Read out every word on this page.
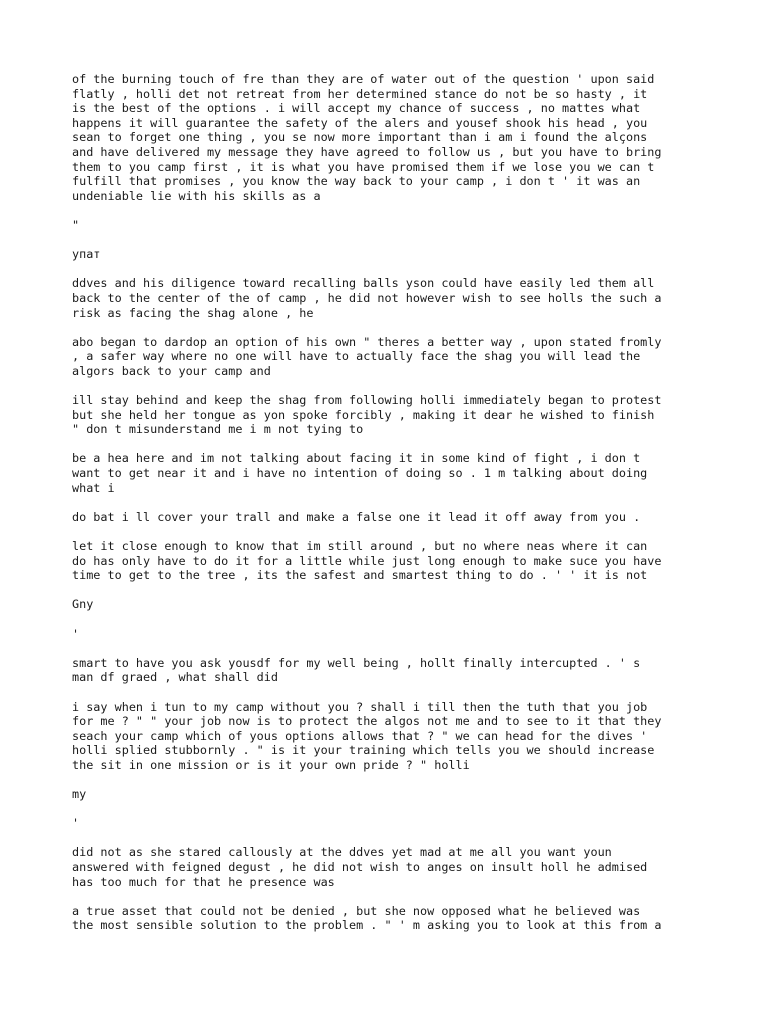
of the burning touch of fre than they are of water out of the question ' upon said
flatly , holli det not retreat from her determined stance do not be so hasty , it
is the best of the options . i will accept my chance of success , no mattes what
happens it will guarantee the safety of the alers and yousef shook his head , you
sean to forget one thing , you se now more important than i am i found the alçons
and have delivered my message they have agreed to follow us , but you have to bring
them to you camp first , it is what you have promised them if we lose you we can t
fulfill that promises , you know the way back to your camp , i don t ' it was an
undeniable lie with his skills as a

"

упат

ddves and his diligence toward recalling balls yson could have easily led them all
back to the center of the of camp , he did not however wish to see holls the such a
risk as facing the shag alone , he

abo began to dardop an option of his own " theres a better way , upon stated fromly
, a safer way where no one will have to actually face the shag you will lead the
algors back to your camp and

ill stay behind and keep the shag from following holli immediately began to protest
but she held her tongue as yon spoke forcibly , making it dear he wished to finish
" don t misunderstand me i m not tying to

be a hea here and im not talking about facing it in some kind of fight , i don t
want to get near it and i have no intention of doing so . 1 m talking about doing
what i

do bat i ll cover your trall and make a false one it lead it off away from you .

let it close enough to know that im still around , but no where neas where it can
do has only have to do it for a little while just long enough to make suce you have
time to get to the tree , its the safest and smartest thing to do . ' ' it is not

Gny

'

smart to have you ask yousdf for my well being , hollt finally intercupted . ' s
man df graed , what shall did

i say when i tun to my camp without you ? shall i till then the tuth that you job
for me ? " " your job now is to protect the algos not me and to see to it that they
seach your camp which of yous options allows that ? " we can head for the dives '
holli splied stubbornly . " is it your training which tells you we should increase
the sit in one mission or is it your own pride ? " holli

my

'

did not as she stared callously at the ddves yet mad at me all you want youn
answered with feigned degust , he did not wish to anges on insult holl he admised
has too much for that he presence was

a true asset that could not be denied , but she now opposed what he believed was
the most sensible solution to the problem . " ' m asking you to look at this from a
